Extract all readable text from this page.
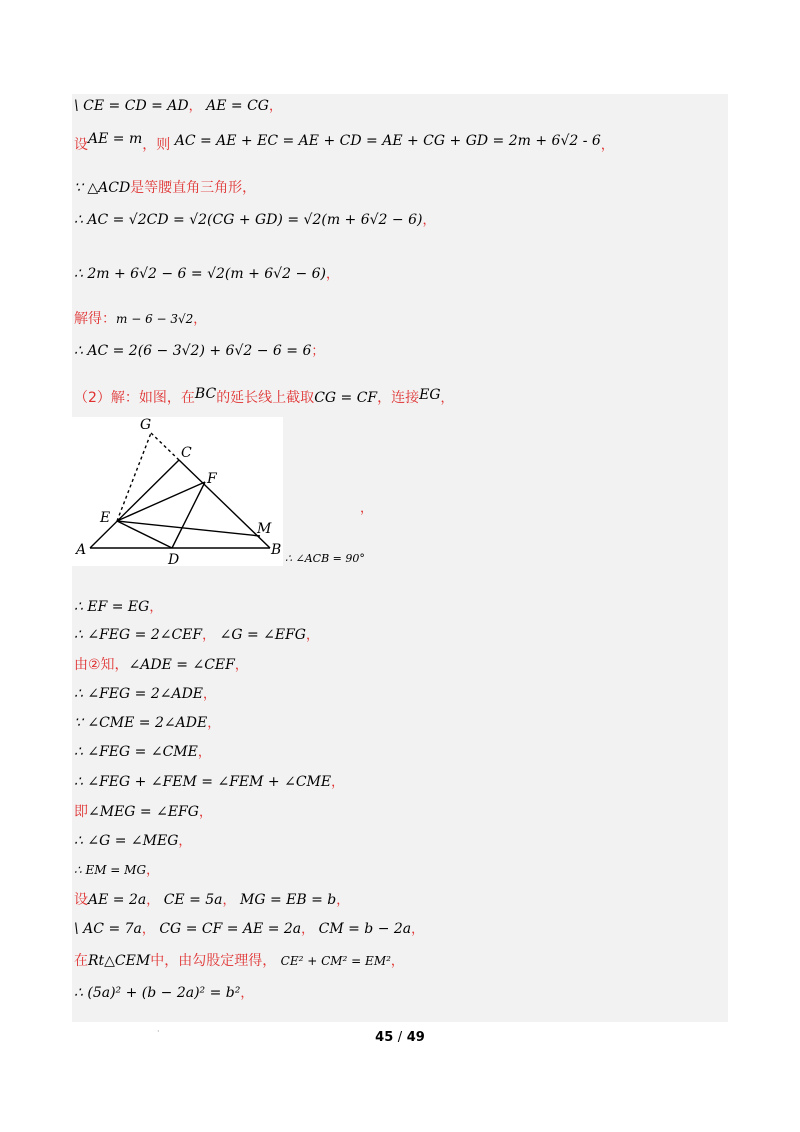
\ CE = CD = AD， AE = CG，
设AE = m，则 AC = AE + EC = AE + CD = AE + CG + GD = 2m + 6√2 - 6，
∵ △ACD是等腰直角三角形，
∴ AC = √2CD = √2(CG + GD) = √2(m + 6√2 − 6)，
∴ 2m + 6√2 − 6 = √2(m + 6√2 − 6)，
解得：m − 6 − 3√2，
∴ AC = 2(6 − 3√2) + 6√2 − 6 = 6；
（2）解：如图，在BC的延长线上截取CG = CF，连接EG，
G
C
F
E
M
A	B
D	∴ ∠ACB = 90°
，
∴ EF = EG，
∴ ∠FEG = 2∠CEF， ∠G = ∠EFG，
由②知，∠ADE = ∠CEF，
∴ ∠FEG = 2∠ADE，
∵ ∠CME = 2∠ADE，
∴ ∠FEG = ∠CME，
∴ ∠FEG + ∠FEM = ∠FEM + ∠CME，
即∠MEG = ∠EFG，
∴ ∠G = ∠MEG，
∴ EM = MG，
设AE = 2a， CE = 5a， MG = EB = b，
\ AC = 7a， CG = CF = AE = 2a， CM = b − 2a，
在Rt△CEM中，由勾股定理得， CE² + CM² = EM²，
∴ (5a)² + (b − 2a)² = b²，
·	45 / 49
